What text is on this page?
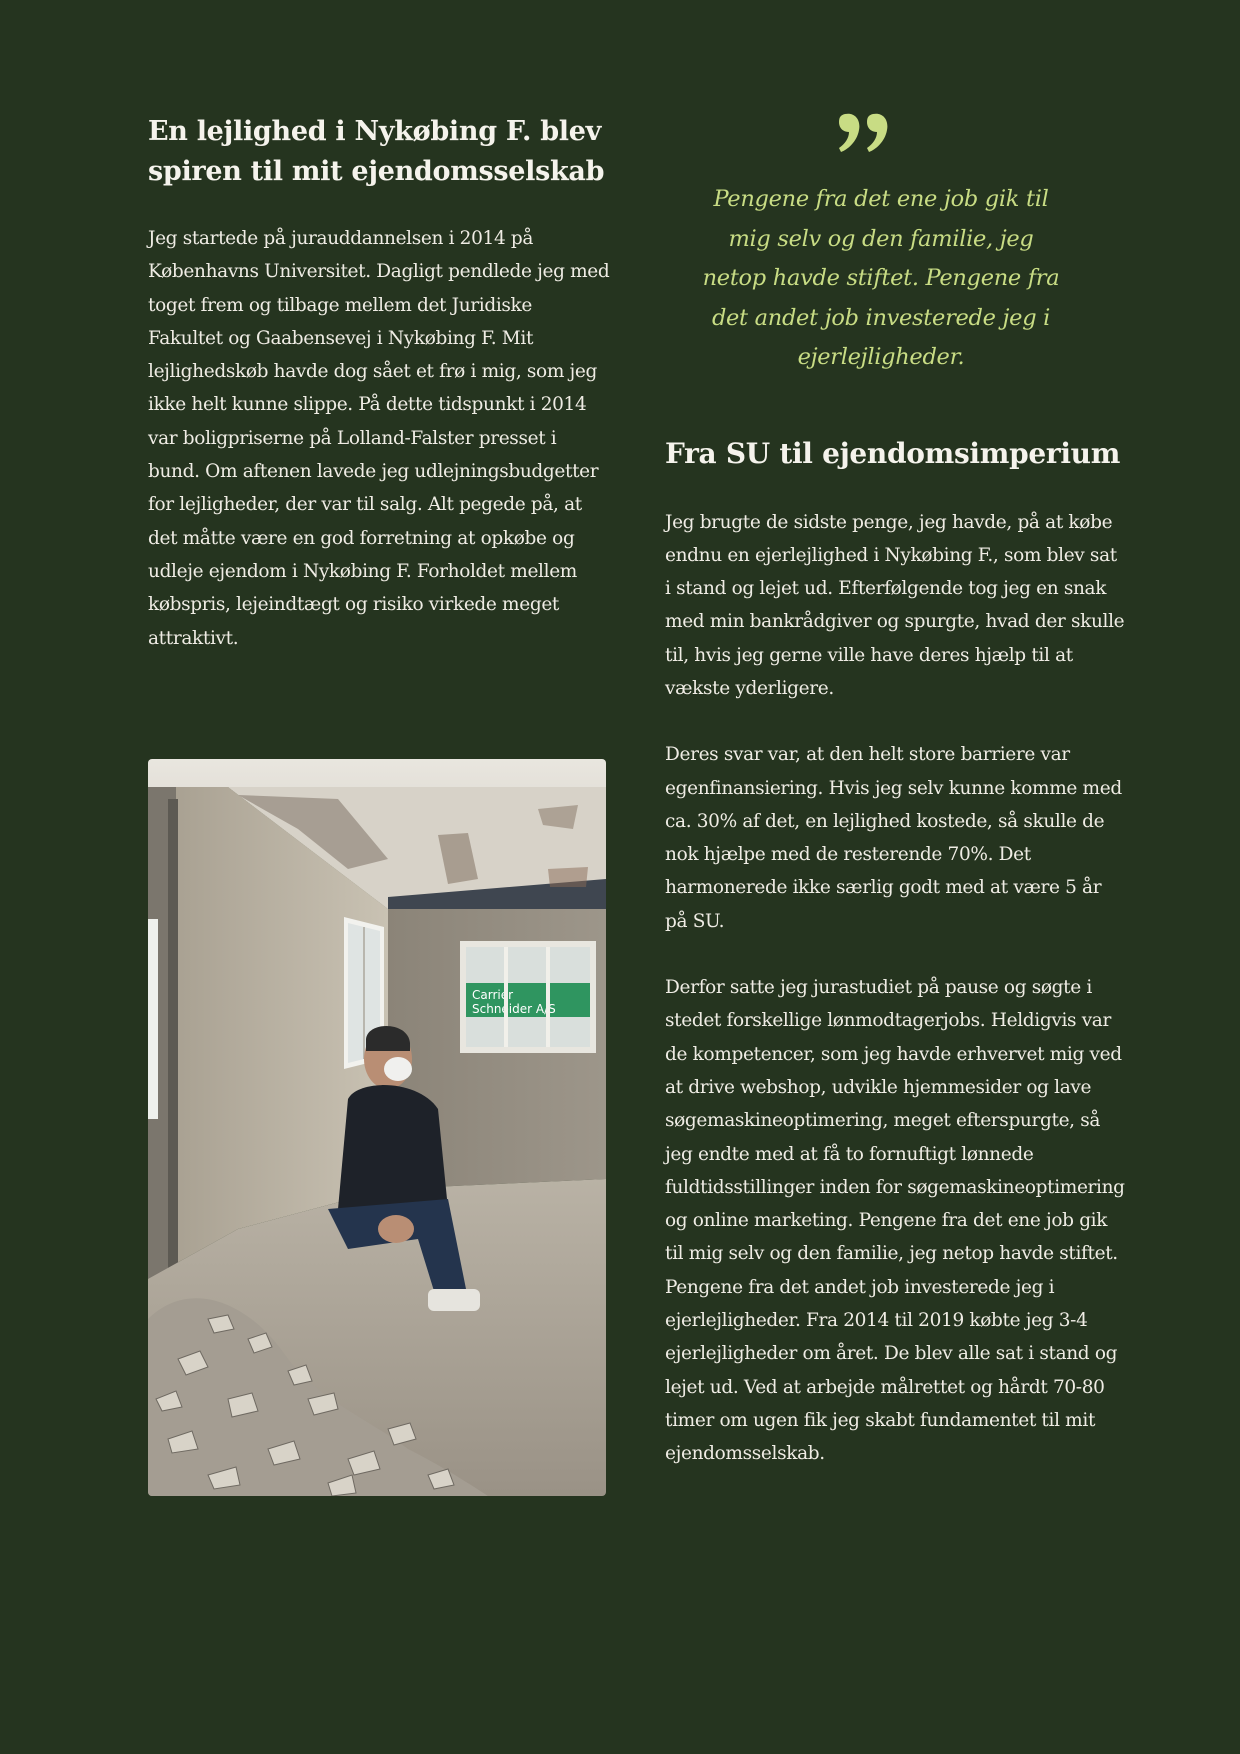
En lejlighed i Nykøbing F. blev spiren til mit ejendomsselskab

Jeg startede på jurauddannelsen i 2014 på Københavns Universitet. Dagligt pendlede jeg med toget frem og tilbage mellem det Juridiske Fakultet og Gaabensevej i Nykøbing F. Mit lejlighedskøb havde dog sået et frø i mig, som jeg ikke helt kunne slippe. På dette tidspunkt i 2014 var boligpriserne på Lolland-Falster presset i bund. Om aftenen lavede jeg udlejningsbudgetter for lejligheder, der var til salg. Alt pegede på, at det måtte være en god forretning at opkøbe og udleje ejendom i Nykøbing F. Forholdet mellem købspris, lejeindtægt og risiko virkede meget attraktivt.

Carrier
Schneider A/S

Pengene fra det ene job gik til mig selv og den familie, jeg netop havde stiftet. Pengene fra det andet job investerede jeg i ejerlejligheder.

Fra SU til ejendomsimperium

Jeg brugte de sidste penge, jeg havde, på at købe endnu en ejerlejlighed i Nykøbing F., som blev sat i stand og lejet ud. Efterfølgende tog jeg en snak med min bankrådgiver og spurgte, hvad der skulle til, hvis jeg gerne ville have deres hjælp til at vækste yderligere.

Deres svar var, at den helt store barriere var egenfinansiering. Hvis jeg selv kunne komme med ca. 30% af det, en lejlighed kostede, så skulle de nok hjælpe med de resterende 70%. Det harmonerede ikke særlig godt med at være 5 år på SU.

Derfor satte jeg jurastudiet på pause og søgte i stedet forskellige lønmodtagerjobs. Heldigvis var de kompetencer, som jeg havde erhvervet mig ved at drive webshop, udvikle hjemmesider og lave søgemaskineoptimering, meget efterspurgte, så jeg endte med at få to fornuftigt lønnede fuldtidsstillinger inden for søgemaskineoptimering og online marketing. Pengene fra det ene job gik til mig selv og den familie, jeg netop havde stiftet. Pengene fra det andet job investerede jeg i ejerlejligheder. Fra 2014 til 2019 købte jeg 3-4 ejerlejligheder om året. De blev alle sat i stand og lejet ud. Ved at arbejde målrettet og hårdt 70-80 timer om ugen fik jeg skabt fundamentet til mit ejendomsselskab.
